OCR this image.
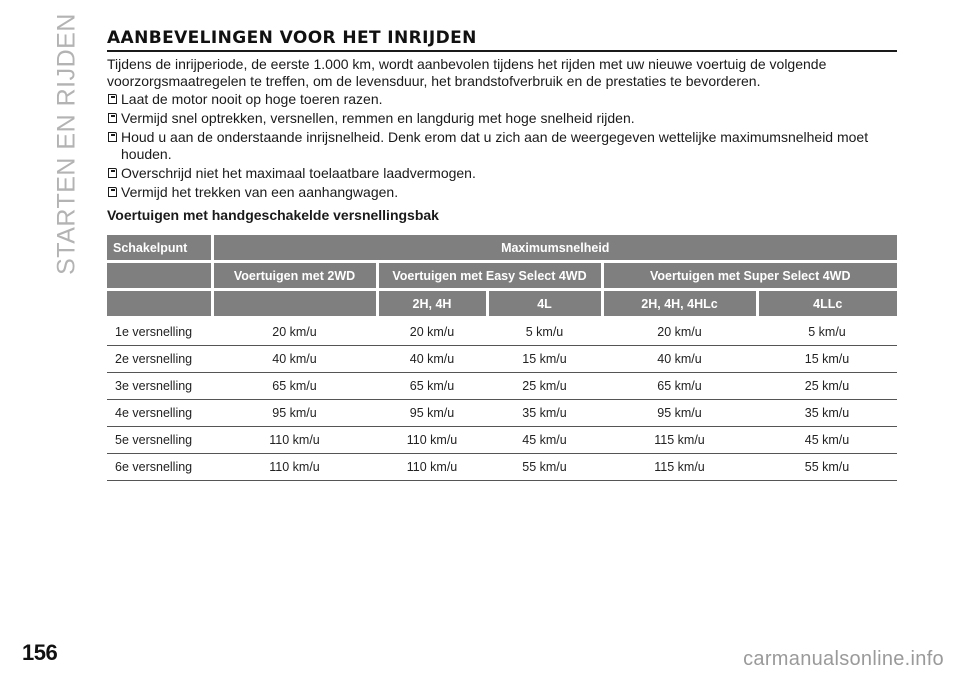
STARTEN EN RIJDEN AANBEVELINGEN VOOR HET INRIJDEN

Tijdens de inrijperiode, de eerste 1.000 km, wordt aanbevolen tijdens het rijden met uw nieuwe voertuig de volgende voorzorgsmaatregelen te treffen, om de levensduur, het brandstofverbruik en de prestaties te bevorderen.

Laat de motor nooit op hoge toeren razen.
Vermijd snel optrekken, versnellen, remmen en langdurig met hoge snelheid rijden.
Houd u aan de onderstaande inrijsnelheid. Denk erom dat u zich aan de weergegeven wettelijke maximumsnelheid moet houden.
Overschrijd niet het maximaal toelaatbare laadvermogen.
Vermijd het trekken van een aanhangwagen.

Voertuigen met handgeschakelde versnellingsbak

Schakelpunt	Maximumsnelheid				
	Voertuigen met 2WD	Voertuigen met Easy Select 4WD		Voertuigen met Super Select 4WD	
		2H, 4H	4L	2H, 4H, 4HLc	4LLc
1e versnelling	20 km/u	20 km/u	5 km/u	20 km/u	5 km/u
2e versnelling	40 km/u	40 km/u	15 km/u	40 km/u	15 km/u
3e versnelling	65 km/u	65 km/u	25 km/u	65 km/u	25 km/u
4e versnelling	95 km/u	95 km/u	35 km/u	95 km/u	35 km/u
5e versnelling	110 km/u	110 km/u	45 km/u	115 km/u	45 km/u
6e versnelling	110 km/u	110 km/u	55 km/u	115 km/u	55 km/u
156	carmanualsonline.info
